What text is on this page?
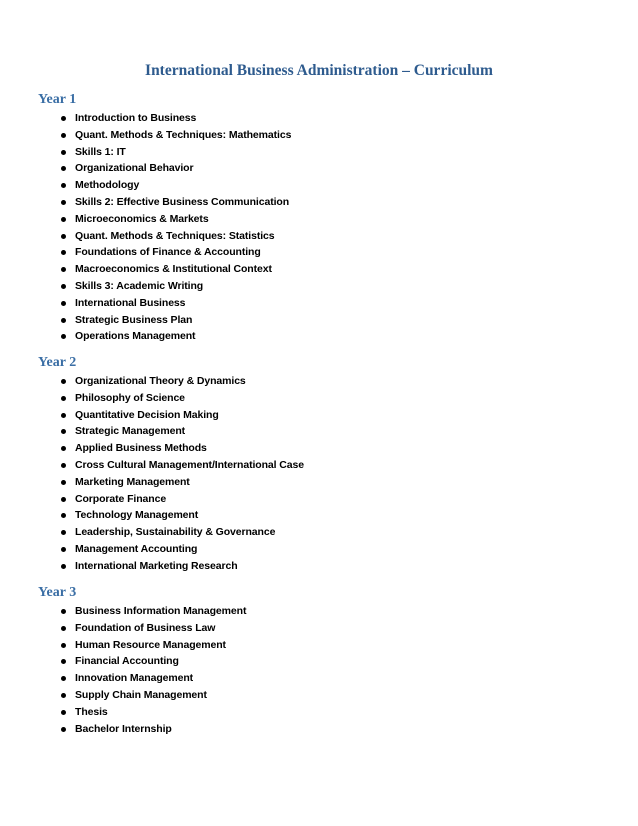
International Business Administration – Curriculum
Year 1
Introduction to Business
Quant. Methods & Techniques: Mathematics
Skills 1: IT
Organizational Behavior
Methodology
Skills 2: Effective Business Communication
Microeconomics & Markets
Quant. Methods & Techniques: Statistics
Foundations of Finance & Accounting
Macroeconomics & Institutional Context
Skills 3: Academic Writing
International Business
Strategic Business Plan
Operations Management
Year 2
Organizational Theory & Dynamics
Philosophy of Science
Quantitative Decision Making
Strategic Management
Applied Business Methods
Cross Cultural Management/International Case
Marketing Management
Corporate Finance
Technology Management
Leadership, Sustainability & Governance
Management Accounting
International Marketing Research
Year 3
Business Information Management
Foundation of Business Law
Human Resource Management
Financial Accounting
Innovation Management
Supply Chain Management
Thesis
Bachelor Internship
